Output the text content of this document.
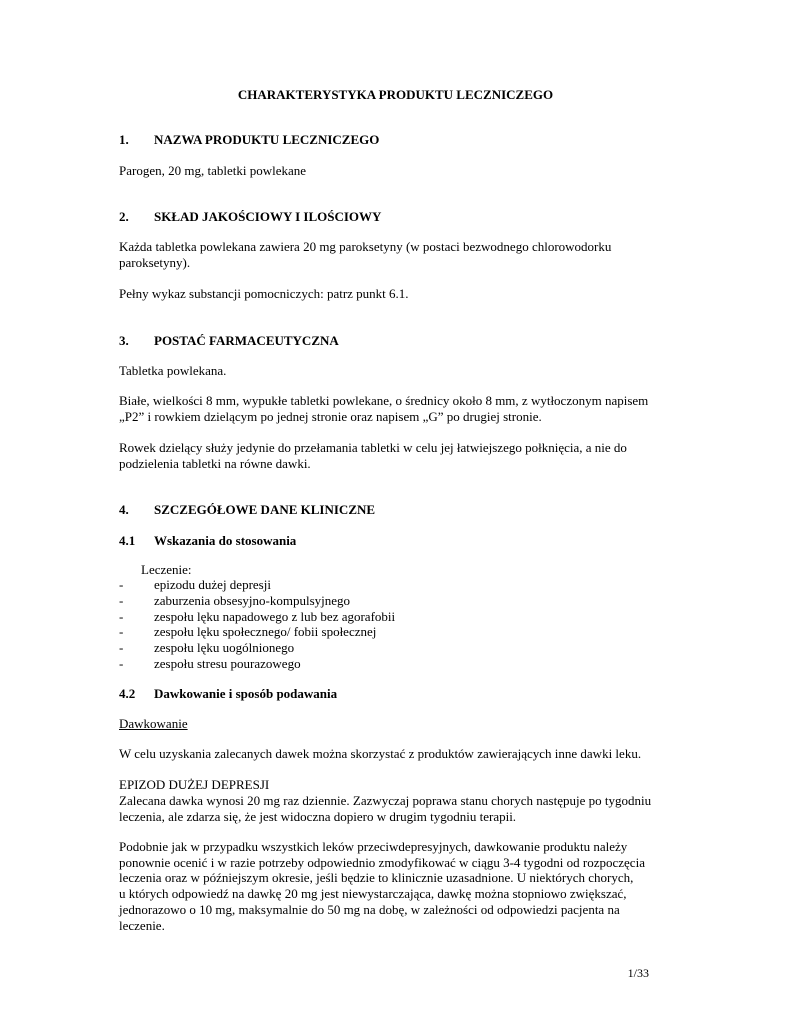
CHARAKTERYSTYKA PRODUKTU LECZNICZEGO
1. NAZWA PRODUKTU LECZNICZEGO
Parogen, 20 mg, tabletki powlekane
2. SKŁAD JAKOŚCIOWY I ILOŚCIOWY
Każda tabletka powlekana zawiera 20 mg paroksetyny (w postaci bezwodnego chlorowodorku
paroksetyny).
Pełny wykaz substancji pomocniczych: patrz punkt 6.1.
3. POSTAĆ FARMACEUTYCZNA
Tabletka powlekana.
Białe, wielkości 8 mm, wypukłe tabletki powlekane, o średnicy około 8 mm, z wytłoczonym napisem
„P2” i rowkiem dzielącym po jednej stronie oraz napisem „G” po drugiej stronie.
Rowek dzielący służy jedynie do przełamania tabletki w celu jej łatwiejszego połknięcia, a nie do
podzielenia tabletki na równe dawki.
4. SZCZEGÓŁOWE DANE KLINICZNE
4.1 Wskazania do stosowania
Leczenie:
- epizodu dużej depresji
- zaburzenia obsesyjno-kompulsyjnego
- zespołu lęku napadowego z lub bez agorafobii
- zespołu lęku społecznego/ fobii społecznej
- zespołu lęku uogólnionego
- zespołu stresu pourazowego
4.2 Dawkowanie i sposób podawania
Dawkowanie
W celu uzyskania zalecanych dawek można skorzystać z produktów zawierających inne dawki leku.
EPIZOD DUŻEJ DEPRESJI
Zalecana dawka wynosi 20 mg raz dziennie. Zazwyczaj poprawa stanu chorych następuje po tygodniu
leczenia, ale zdarza się, że jest widoczna dopiero w drugim tygodniu terapii.
Podobnie jak w przypadku wszystkich leków przeciwdepresyjnych, dawkowanie produktu należy
ponownie ocenić i w razie potrzeby odpowiednio zmodyfikować w ciągu 3-4 tygodni od rozpoczęcia
leczenia oraz w późniejszym okresie, jeśli będzie to klinicznie uzasadnione. U niektórych chorych,
u których odpowiedź na dawkę 20 mg jest niewystarczająca, dawkę można stopniowo zwiększać,
jednorazowo o 10 mg, maksymalnie do 50 mg na dobę, w zależności od odpowiedzi pacjenta na
leczenie.
1/33
